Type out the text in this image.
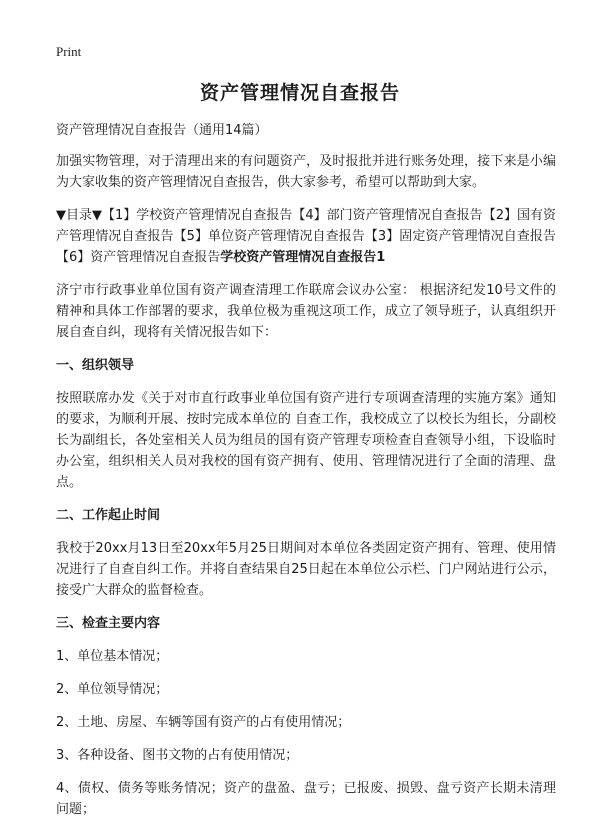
Print
资产管理情况自查报告

资产管理情况自查报告（通用14篇）

加强实物管理，对于清理出来的有问题资产，及时报批并进行账务处理，接下来是小编为大家收集的资产管理情况自查报告，供大家参考，希望可以帮助到大家。

▼目录▼【1】学校资产管理情况自查报告【4】部门资产管理情况自查报告【2】国有资产管理情况自查报告【5】单位资产管理情况自查报告【3】固定资产管理情况自查报告【6】资产管理情况自查报告学校资产管理情况自查报告1

济宁市行政事业单位国有资产调查清理工作联席会议办公室： 根据济纪发10号文件的精神和具体工作部署的要求，我单位极为重视这项工作，成立了领导班子，认真组织开展自查自纠，现将有关情况报告如下：

一、组织领导

按照联席办发《关于对市直行政事业单位国有资产进行专项调查清理的实施方案》通知的要求，为顺利开展、按时完成本单位的 自查工作，我校成立了以校长为组长，分副校长为副组长，各处室相关人员为组员的国有资产管理专项检查自查领导小组，下设临时办公室，组织相关人员对我校的国有资产拥有、使用、管理情况进行了全面的清理、盘点。

二、工作起止时间

我校于20xx月13日至20xx年5月25日期间对本单位各类固定资产拥有、管理、使用情况进行了自查自纠工作。并将自查结果自25日起在本单位公示栏、门户网站进行公示，接受广大群众的监督检查。

三、检查主要内容

1、单位基本情况；

2、单位领导情况；

2、土地、房屋、车辆等国有资产的占有使用情况；

3、各种设备、图书文物的占有使用情况；

4、债权、债务等账务情况；资产的盘盈、盘亏；已报废、损毁、盘亏资产长期未清理问题；
